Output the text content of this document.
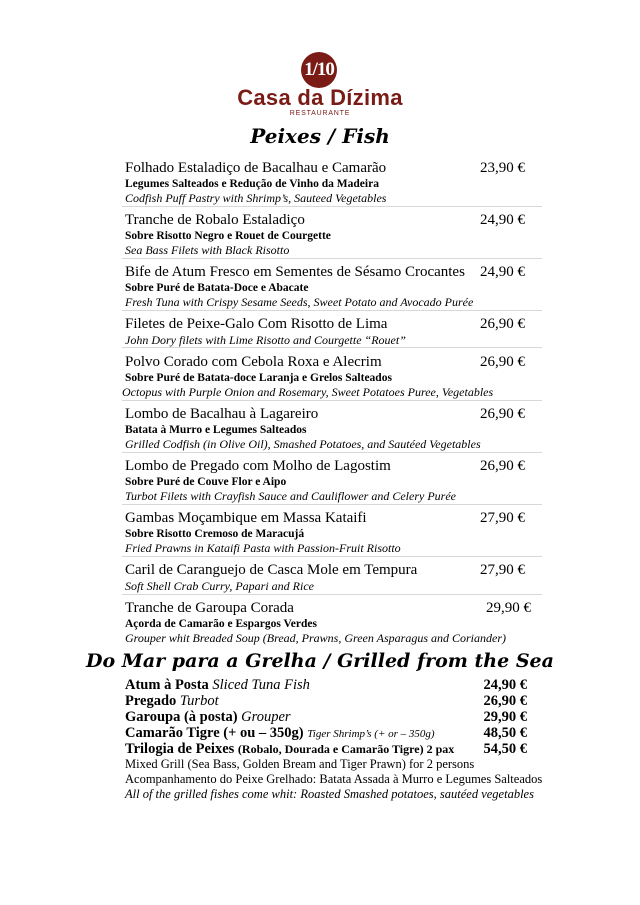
1/10
Casa da Dízima
RESTAURANTE
Peixes / Fish
Folhado Estaladiço de Bacalhau e Camarão	23,90 €
Legumes Salteados e Redução de Vinho da Madeira
Codfish Puff Pastry with Shrimp’s, Sauteed Vegetables
Tranche de Robalo Estaladiço	24,90 €
Sobre Risotto Negro e Rouet de Courgette
Sea Bass Filets with Black Risotto
Bife de Atum Fresco em Sementes de Sésamo Crocantes	24,90 €
Sobre Puré de Batata-Doce e Abacate
Fresh Tuna with Crispy Sesame Seeds, Sweet Potato and Avocado Purée
Filetes de Peixe-Galo Com Risotto de Lima	26,90 €
John Dory filets with Lime Risotto and Courgette “Rouet”
Polvo Corado com Cebola Roxa e Alecrim	26,90 €
Sobre Puré de Batata-doce Laranja e Grelos Salteados
Octopus with Purple Onion and Rosemary, Sweet Potatoes Puree, Vegetables
Lombo de Bacalhau à Lagareiro	26,90 €
Batata à Murro e Legumes Salteados
Grilled Codfish (in Olive Oil), Smashed Potatoes, and Sautéed Vegetables
Lombo de Pregado com Molho de Lagostim	26,90 €
Sobre Puré de Couve Flor e Aipo
Turbot Filets with Crayfish Sauce and Cauliflower and Celery Purée
Gambas Moçambique em Massa Kataifi	27,90 €
Sobre Risotto Cremoso de Maracujá
Fried Prawns in Kataifi Pasta with Passion-Fruit Risotto
Caril de Caranguejo de Casca Mole em Tempura	27,90 €
Soft Shell Crab Curry, Papari and Rice
Tranche de Garoupa Corada	29,90 €
Açorda de Camarão e Espargos Verdes
Grouper whit Breaded Soup (Bread, Prawns, Green Asparagus and Coriander)
Do Mar para a Grelha / Grilled from the Sea
Atum à Posta Sliced Tuna Fish	24,90 €
Pregado Turbot	26,90 €
Garoupa (à posta) Grouper	29,90 €
Camarão Tigre (+ ou – 350g) Tiger Shrimp’s (+ or – 350g)	48,50 €
Trilogia de Peixes (Robalo, Dourada e Camarão Tigre) 2 pax 54,50 €
Mixed Grill (Sea Bass, Golden Bream and Tiger Prawn) for 2 persons
Acompanhamento do Peixe Grelhado: Batata Assada à Murro e Legumes Salteados
All of the grilled fishes come whit: Roasted Smashed potatoes, sautéed vegetables
